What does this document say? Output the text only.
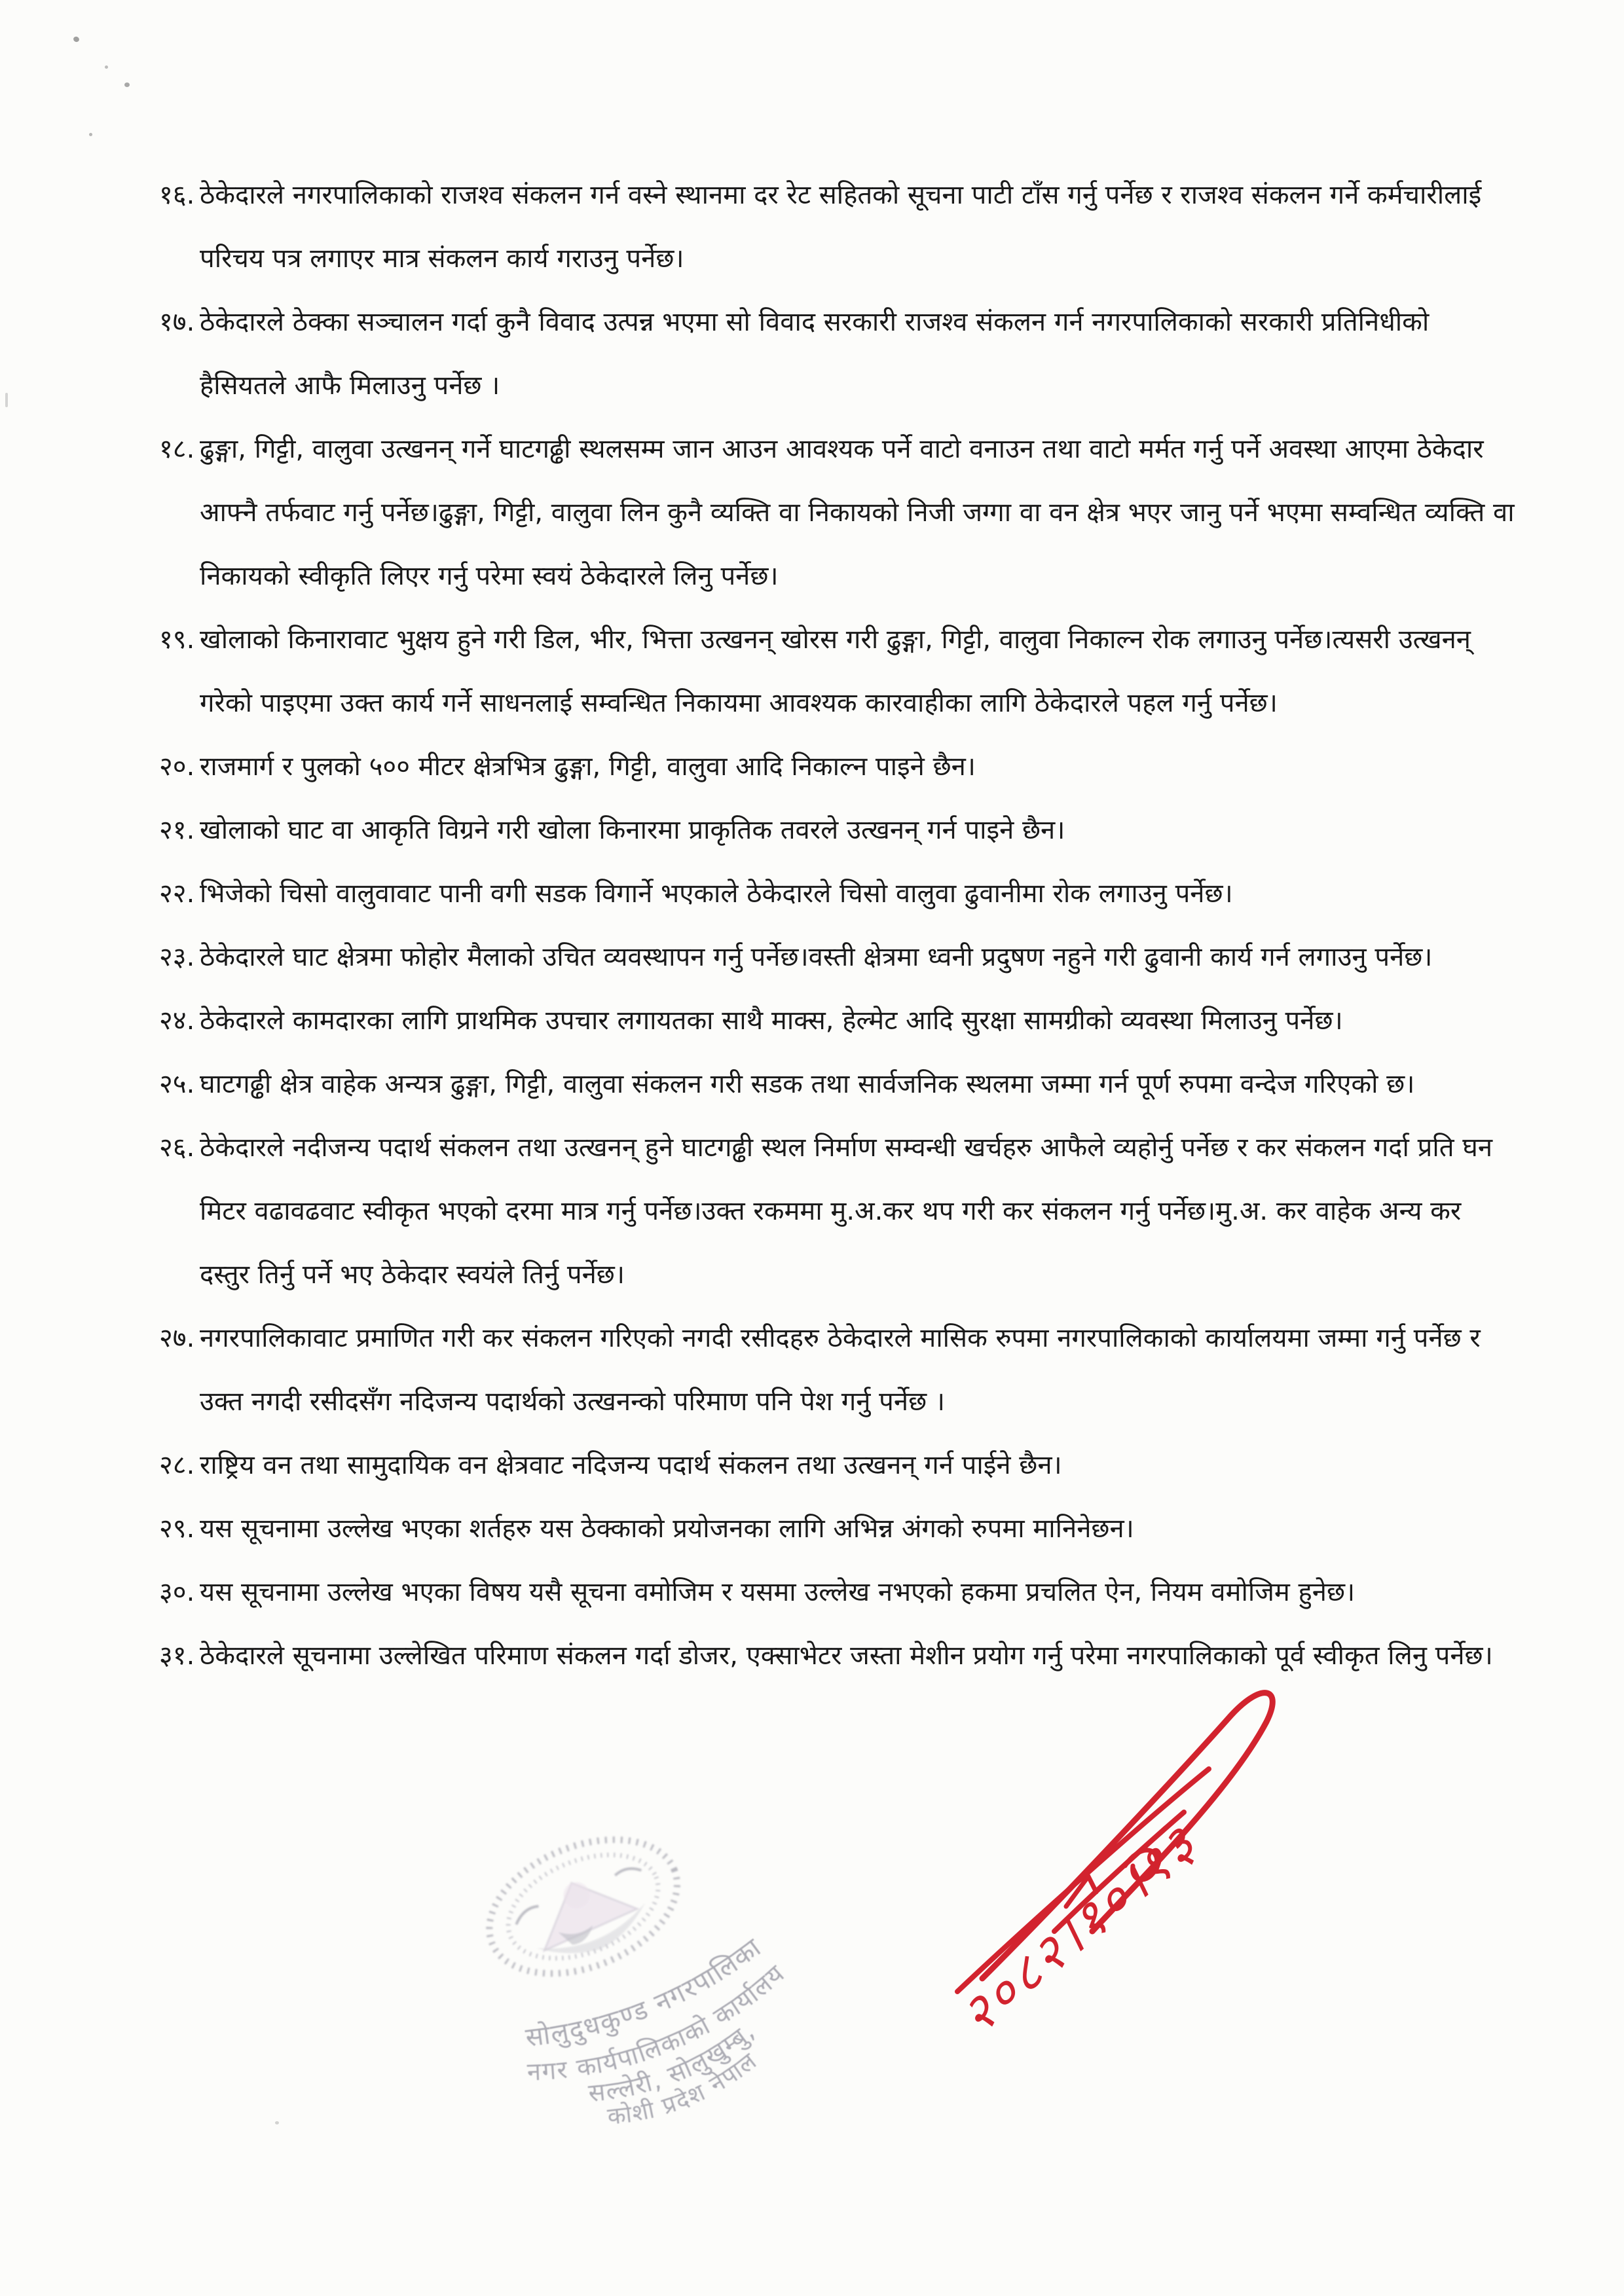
१६. ठेकेदारले नगरपालिकाको राजश्व संकलन गर्न वस्ने स्थानमा दर रेट सहितको सूचना पाटी टाँस गर्नु पर्नेछ र राजश्व संकलन गर्ने कर्मचारीलाई परिचय पत्र लगाएर मात्र संकलन कार्य गराउनु पर्नेछ।
१७. ठेकेदारले ठेक्का सञ्चालन गर्दा कुनै विवाद उत्पन्न भएमा सो विवाद सरकारी राजश्व संकलन गर्न नगरपालिकाको सरकारी प्रतिनिधीको हैसियतले आफै मिलाउनु पर्नेछ ।
१८. ढुङ्गा, गिट्टी, वालुवा उत्खनन् गर्ने घाटगढ्ढी स्थलसम्म जान आउन आवश्यक पर्ने वाटो वनाउन तथा वाटो मर्मत गर्नु पर्ने अवस्था आएमा ठेकेदार आफ्नै तर्फवाट गर्नु पर्नेछ।ढुङ्गा, गिट्टी, वालुवा लिन कुनै व्यक्ति वा निकायको निजी जग्गा वा वन क्षेत्र भएर जानु पर्ने भएमा सम्वन्धित व्यक्ति वा निकायको स्वीकृति लिएर गर्नु परेमा स्वयं ठेकेदारले लिनु पर्नेछ।
१९. खोलाको किनारावाट भुक्षय हुने गरी डिल, भीर, भित्ता उत्खनन् खोरस गरी ढुङ्गा, गिट्टी, वालुवा निकाल्न रोक लगाउनु पर्नेछ।त्यसरी उत्खनन् गरेको पाइएमा उक्त कार्य गर्ने साधनलाई सम्वन्धित निकायमा आवश्यक कारवाहीका लागि ठेकेदारले पहल गर्नु पर्नेछ।
२०. राजमार्ग र पुलको ५०० मीटर क्षेत्रभित्र ढुङ्गा, गिट्टी, वालुवा आदि निकाल्न पाइने छैन।
२१. खोलाको घाट वा आकृति विग्रने गरी खोला किनारमा प्राकृतिक तवरले उत्खनन् गर्न पाइने छैन।
२२. भिजेको चिसो वालुवावाट पानी वगी सडक विगार्ने भएकाले ठेकेदारले चिसो वालुवा ढुवानीमा रोक लगाउनु पर्नेछ।
२३. ठेकेदारले घाट क्षेत्रमा फोहोर मैलाको उचित व्यवस्थापन गर्नु पर्नेछ।वस्ती क्षेत्रमा ध्वनी प्रदुषण नहुने गरी ढुवानी कार्य गर्न लगाउनु पर्नेछ।
२४. ठेकेदारले कामदारका लागि प्राथमिक उपचार लगायतका साथै माक्स, हेल्मेट आदि सुरक्षा सामग्रीको व्यवस्था मिलाउनु पर्नेछ।
२५. घाटगढ्ढी क्षेत्र वाहेक अन्यत्र ढुङ्गा, गिट्टी, वालुवा संकलन गरी सडक तथा सार्वजनिक स्थलमा जम्मा गर्न पूर्ण रुपमा वन्देज गरिएको छ।
२६. ठेकेदारले नदीजन्य पदार्थ संकलन तथा उत्खनन् हुने घाटगढ्ढी स्थल निर्माण सम्वन्धी खर्चहरु आफैले व्यहोर्नु पर्नेछ र कर संकलन गर्दा प्रति घन मिटर वढावढवाट स्वीकृत भएको दरमा मात्र गर्नु पर्नेछ।उक्त रकममा मु.अ.कर थप गरी कर संकलन गर्नु पर्नेछ।मु.अ. कर वाहेक अन्य कर दस्तुर तिर्नु पर्ने भए ठेकेदार स्वयंले तिर्नु पर्नेछ।
२७. नगरपालिकावाट प्रमाणित गरी कर संकलन गरिएको नगदी रसीदहरु ठेकेदारले मासिक रुपमा नगरपालिकाको कार्यालयमा जम्मा गर्नु पर्नेछ र उक्त नगदी रसीदसँग नदिजन्य पदार्थको उत्खनन्को परिमाण पनि पेश गर्नु पर्नेछ ।
२८. राष्ट्रिय वन तथा सामुदायिक वन क्षेत्रवाट नदिजन्य पदार्थ संकलन तथा उत्खनन् गर्न पाईने छैन।
२९. यस सूचनामा उल्लेख भएका शर्तहरु यस ठेक्काको प्रयोजनका लागि अभिन्न अंगको रुपमा मानिनेछन।
३०. यस सूचनामा उल्लेख भएका विषय यसै सूचना वमोजिम र यसमा उल्लेख नभएको हकमा प्रचलित ऐन, नियम वमोजिम हुनेछ।
३१. ठेकेदारले सूचनामा उल्लेखित परिमाण संकलन गर्दा डोजर, एक्साभेटर जस्ता मेशीन प्रयोग गर्नु परेमा नगरपालिकाको पूर्व स्वीकृत लिनु पर्नेछ।
२०८२।१०।१३
सोलुदुधकुण्ड नगरपालिका
नगर कार्यपालिकाको कार्यालय
सल्लेरी, सोलुखुम्बु,
कोशी प्रदेश नेपाल
